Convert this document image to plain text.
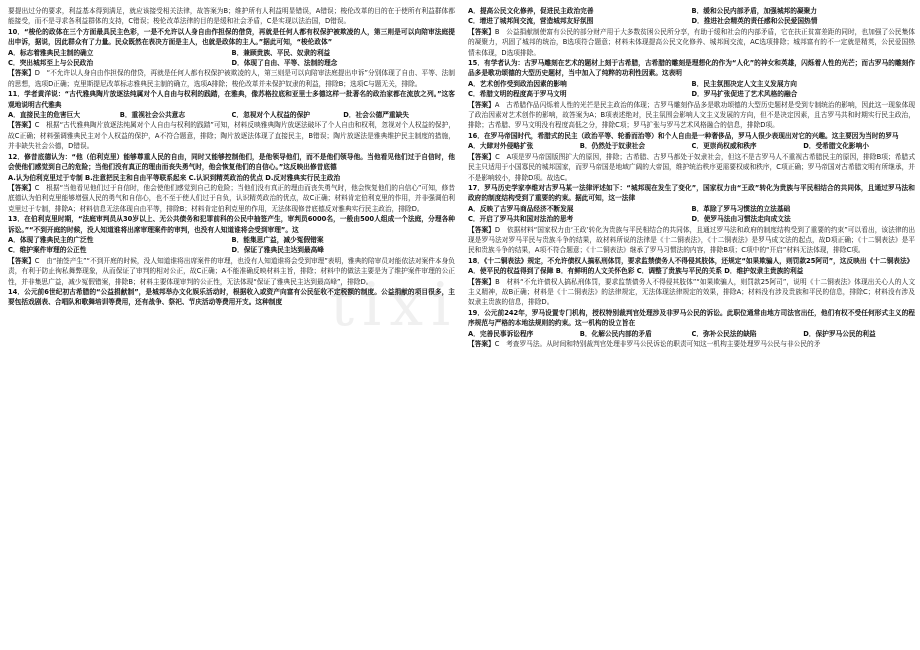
tixi

要提出过分的要求，利益基本得到满足，就应该接受相关法律，故答案为B；维护所有人利益明显错误，A错误；梭伦改革的目的在于使所有利益群体都能接受，而不是寻求各利益群体的支持，C错误；梭伦改革法律的目的是缓和社会矛盾，C是实现以法治国，D错误。

10．“梭伦的政体在三个方面最具民主色彩，一是不允许以人身自由作担保的借贷，再就是任何人都有权保护被欺凌的人，第三则是可以向陪审法庭提出申诉，据说，因此群众有了力量。民众既然在表决方面是主人，也就是政体的主人。”据此可知，“梭伦政体”

A．标志着雅典民主制的确立	B．兼顾贵族、平民、奴隶的利益
C．突出城邦至上与公民政治	D．体现了自由、平等、法制的理念

【答案】D　“不允许以人身自由作担保的借贷，再就是任何人都有权保护被欺凌的人，第三则是可以向陪审法庭提出申诉”分别体现了自由、平等、法制的思想，选项D正确；克里斯提尼改革标志雅典民主制的确立，选项A排除；梭伦改革并未保护奴隶的利益，排除B；选项C与题无关，排除。

11．学者黄洋说：“古代雅典陶片放逐法纯属对个人自由与权利的践踏，在雅典，像苏格拉底和亚里士多德这样一批著名的政治家都在流放之列。”这客观地说明古代雅典

A．直接民主的危害巨大	B．重视社会公共意志	C．忽视对个人权益的保护	D．社会公德严重缺失

【答案】C　根据“古代雅典陶片放逐法纯属对个人自由与权利的践踏”可知，材料反映雅典陶片放逐法破坏了个人自由和权利，忽视对个人权益的保护，故C正确；材料强调雅典民主对个人权益的保护，A不符合题意，排除；陶片放逐法体现了直接民主，B错误；陶片放逐法是雅典维护民主制度的措施，并非缺失社会公德，D错误。

12．修昔底德认为：“他（伯利克里）能够尊重人民的自由，同时又能够控制他们，是他领导他们，而不是他们领导他。当他看见他们过于自信时，他会使他们感觉到自己的危险；当他们没有真正的理由而丧失勇气时，他会恢复他们的自信心。”这反映出修昔底德

A.认为伯利克里过于专制 B.注意把民主和自由平等联系起来 C.认识到精英政治的优点 D.反对雅典实行民主政治

【答案】C　根据“当他看见他们过于自信时，他会使他们感觉到自己的危险；当他们没有真正的理由而丧失勇气时，他会恢复他们的自信心”可知，修昔底德认为伯利克里能够增强人民的勇气和自信心，也不至于使人们过于自负，认识精英政治的优点，故C正确；材料肯定伯利克里的作用，并非强调伯利克里过于专制，排除A；材料信息无法体现自由平等，排除B；材料肯定伯利克里的作用，无法体现修昔底德反对雅典实行民主政治，排除D。

13．在伯利克里时期，“法庭审判员从30岁以上、无公共债务和犯罪前科的公民中抽签产生，审判员6000名，一般由500人组成一个法庭，分理各种诉讼。”“不到开庭的时候，没人知道谁将出席审理案件的审判，也没有人知道谁将会受到审理”。这

A．体现了雅典民主的广泛性	B．能集思广益，减少冤假错案
C．维护案件审理的公正性	D．保证了雅典民主达到最高峰

【答案】C　由“抽签产生”“不到开庭的时候，没人知道谁将出席案件的审理，也没有人知道谁将会受到审理”表明，雅典的陪审员对能依法对案件本身负责，有利于防止徇私舞弊现象，从而保证了审判的相对公正，故C正确；A不能准确反映材料主旨，排除；材料中的做法主要是为了维护案件审理的公正性，并非集思广益，减少冤假错案，排除B；材料主要体现审判的公正性，无法体现“保证了雅典民主达到最高峰”，排除D。

14．公元前6世纪初古希腊的“公益捐献制”，是城邦举办文化娱乐活动时，根据收入或资产向富有公民征收不定税额的制度。公益捐献的项目很多，主要包括戏剧表、合唱队和歌舞培训等费用，还有战争、祭祀、节庆活动等费用开支。这种制度

A．提高公民文化修养，促进民主政治完善	B．缓和公民内部矛盾，加强城邦的凝聚力
C．增进了城邦间交流，营造城邦友好氛围	D．推进社会精英的责任感和公民爱国热情

【答案】B　公益捐献制使富有公民的部分财产用于大多数贫困公民所分享，有助于缓和社会的内部矛盾，它在扶正贫富差距的同时，也加强了公民集体的凝聚力，巩固了城邦的统治，B选项符合题意；材料未体现提高公民文化修养、城邦间交流，AC选项排除；城邦富有的不一定就是精英，公民爱国热情未体现，D选项排除。

15．有学者认为：古罗马雕刻在艺术的题材上刻于古希腊，古希腊的雕刻是理想化的作为“人化”的神女和英雄，闪烁着人性的光芒；而古罗马的雕刻作品多是歌功颂德的大型历史题材，当中加入了纯粹的功利性因素。这表明

A．艺术创作受到政治因素的影响	B．民主氛围决定人文主义发展方向
C．希腊文明的程度高于罗马文明	D．罗马扩张促进了艺术风格的融合

【答案】A　古希腊作品闪烁着人性的光芒是民主政治的体现；古罗马雕刻作品多是歌功颂德的大型历史题材是受到专制统治的影响，因此这一现象体现了政治因素对艺术创作的影响，故答案为A；B项表述绝对，民主氛围会影响人文主义发展的方向，但不是决定因素，且古罗马共和时期实行民主政治，排除；古希腊、罗马文明没有程度高低之分，排除C项；罗马扩张与罗马艺术风格融合的信息，排除D项。

16．在罗马帝国时代，希腊式的民主（政治平等、轮番而治等）和个人自由是一种奢侈品，罗马人很少表现出对它的兴趣。这主要因为当时的罗马

A．大肆对外侵略扩张	B．仍然处于奴隶社会	C．更崇尚权威和秩序	D．受希腊文化影响小

【答案】C　A项是罗马帝国版图扩大的原因，排除；古希腊、古罗马都处于奴隶社会，但这不是古罗马人不重视古希腊民主的原因，排除B项；希腊式民主只适用于小国寡民的城邦国家，而罗马帝国是地域广阔的大帝国，维护统治秩序更需要权威和秩序，C项正确；罗马帝国对古希腊文明有所继承，并不是影响较小，排除D项。故选C。

17．罗马历史学家李维对古罗马某一法律评述如下：“城邦现在发生了变化”，国家权力由“王政”转化为贵族与平民相结合的共同体，且通过罗马法和政府的制度结构受到了重要的约束。据此可知，这一法律

A．反映了古罗马商品经济不断发展	B．革除了罗马习惯法的立法基础
C．开启了罗马共和国对法治的思考	D．使罗马法由习惯法走向成文法

【答案】D　依据材料“国家权力由‘王政’转化为贵族与平民相结合的共同体，且通过罗马法和政府的制度结构受到了重要的约束”可以看出，该法律的出现是罗马法对罗马平民与贵族斗争的结果，故材料所说的法律是《十二铜表法》，《十二铜表法》是罗马成文法的起点，故D项正确；《十二铜表法》是平民和贵族斗争的结果，A项不符合题意；《十二铜表法》继承了罗马习惯法的内容，排除B项；C项中的“开启”材料无法体现，排除C项。

18．《十二铜表法》规定，不允许债权人搞私刑体罚，要求监禁债务人不得侵其肢体，还规定“如果欺骗人，则罚款25阿司”，这反映出《十二铜表法》

A．使平民的权益得到了保障 B．有鲜明的人文关怀色彩 C．调整了贵族与平民的关系 D．维护奴隶主贵族的利益

【答案】B　材料“不允许债权人搞私刑体罚，要求监禁债务人不得侵其肢体”“如果欺骗人，则罚款25阿司”，说明《十二铜表法》体现出关心人的人文主义精神，故B正确；材料是《十二铜表法》的法律规定，无法体现法律规定的效果，排除A；材料没有涉及贵族和平民的信息，排除C；材料没有涉及奴隶主贵族的信息，排除D。

19．公元前242年，罗马设置专门机构，授权特别裁判官处理涉及非罗马公民的诉讼。此职位通常由地方司法官出任，他们有权不受任何形式主义的程序规范与严格的本地法规则的约束。这一机构的设立旨在

A．完善民事诉讼程序	B．化解公民内部的矛盾	C．弥补公民法的缺陷	D．保护罗马公民的利益

【答案】C　考查罗马法。从时间和特别裁判官处理非罗马公民诉讼的职责可知这一机构主要处理罗马公民与非公民的矛
